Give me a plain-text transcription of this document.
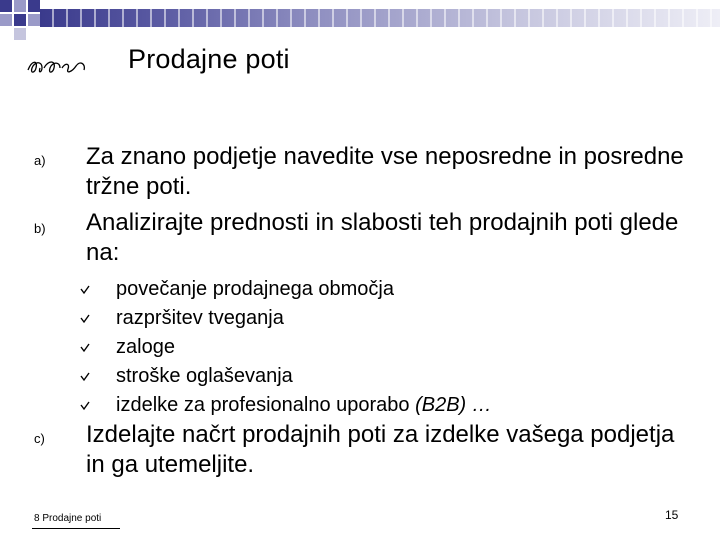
Prodajne poti
a) Za znano podjetje navedite vse neposredne in posredne tržne poti.
b) Analizirajte prednosti in slabosti teh prodajnih poti glede na:
povečanje prodajnega območja
razpršitev tveganja
zaloge
stroške oglaševanja
izdelke za profesionalno uporabo (B2B) …
c) Izdelajte načrt prodajnih poti za izdelke vašega podjetja in ga utemeljite.
8 Prodajne poti	15
